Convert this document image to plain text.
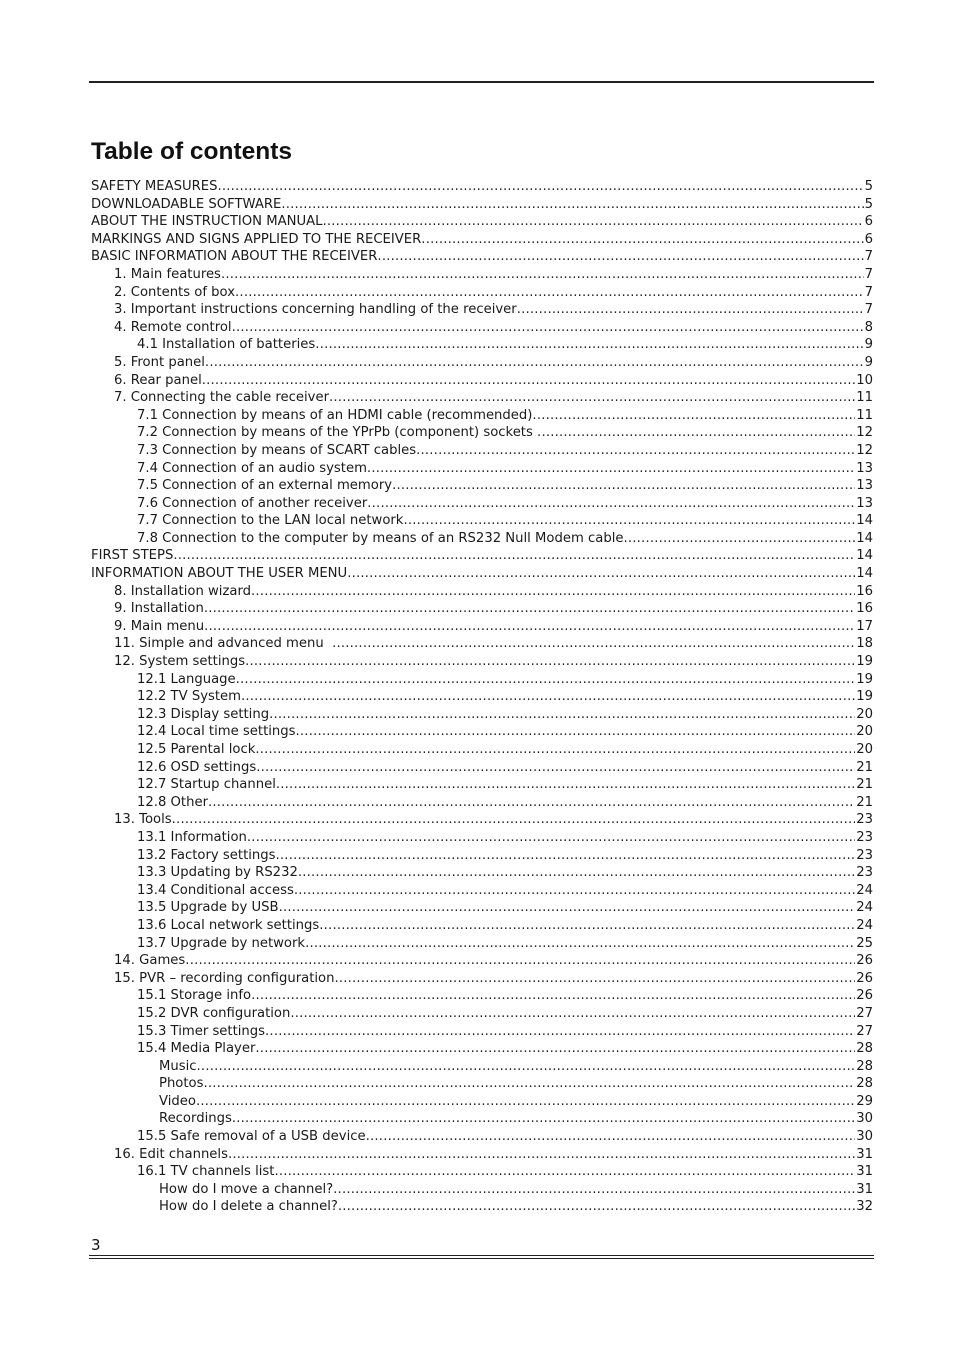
Table of contents
SAFETY MEASURES .....	5
DOWNLOADABLE SOFTWARE .....	5
ABOUT THE INSTRUCTION MANUAL .....	6
MARKINGS AND SIGNS APPLIED TO THE RECEIVER .....	6
BASIC INFORMATION ABOUT THE RECEIVER .....	7
1. Main features .....	7
2. Contents of box .....	7
3. Important instructions concerning handling of the receiver .....	7
4. Remote control .....	8
4.1 Installation of batteries .....	9
5. Front panel .....	9
6. Rear panel .....	10
7. Connecting the cable receiver .....	11
7.1 Connection by means of an HDMI cable (recommended) .....	11
7.2 Connection by means of the YPrPb (component) sockets .....	12
7.3 Connection by means of SCART cables .....	12
7.4 Connection of an audio system .....	13
7.5 Connection of an external memory .....	13
7.6 Connection of another receiver .....	13
7.7 Connection to the LAN local network .....	14
7.8 Connection to the computer by means of an RS232 Null Modem cable .....	14
FIRST STEPS .....	14
INFORMATION ABOUT THE USER MENU .....	14
8. Installation wizard .....	16
9. Installation .....	16
9. Main menu .....	17
11. Simple and advanced menu .....	18
12. System settings .....	19
12.1 Language .....	19
12.2 TV System .....	19
12.3 Display setting .....	20
12.4 Local time settings .....	20
12.5 Parental lock .....	20
12.6 OSD settings .....	21
12.7 Startup channel .....	21
12.8 Other .....	21
13. Tools .....	23
13.1 Information .....	23
13.2 Factory settings .....	23
13.3 Updating by RS232 .....	23
13.4 Conditional access .....	24
13.5 Upgrade by USB .....	24
13.6 Local network settings .....	24
13.7 Upgrade by network .....	25
14. Games .....	26
15. PVR – recording configuration .....	26
15.1 Storage info .....	26
15.2 DVR configuration .....	27
15.3 Timer settings .....	27
15.4 Media Player .....	28
Music .....	28
Photos .....	28
Video .....	29
Recordings .....	30
15.5 Safe removal of a USB device .....	30
16. Edit channels .....	31
16.1 TV channels list .....	31
How do I move a channel? .....	31
How do I delete a channel? .....	32
3
